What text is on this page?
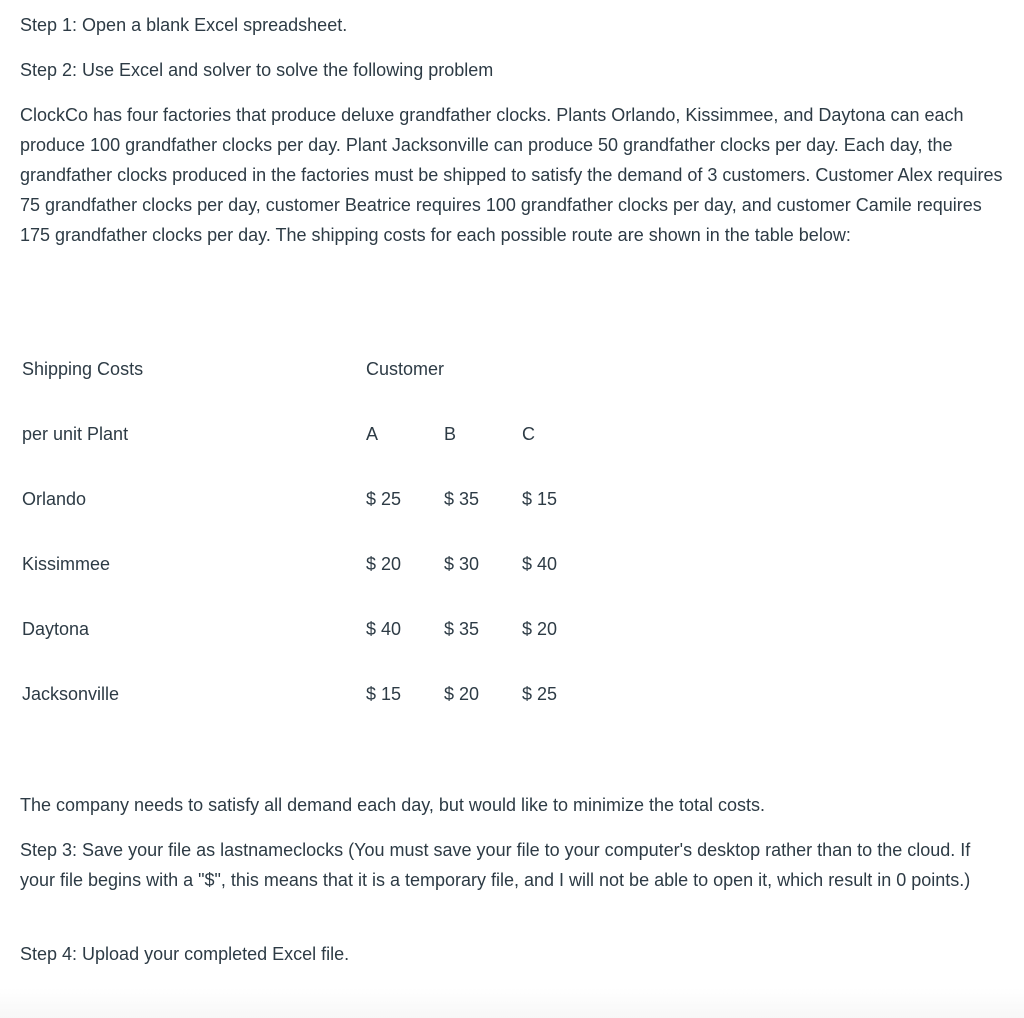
Step 1: Open a blank Excel spreadsheet.

Step 2: Use Excel and solver to solve the following problem

ClockCo has four factories that produce deluxe grandfather clocks. Plants Orlando, Kissimmee, and Daytona can each produce 100 grandfather clocks per day. Plant Jacksonville can produce 50 grandfather clocks per day. Each day, the grandfather clocks produced in the factories must be shipped to satisfy the demand of 3 customers. Customer Alex requires 75 grandfather clocks per day, customer Beatrice requires 100 grandfather clocks per day, and customer Camile requires 175 grandfather clocks per day. The shipping costs for each possible route are shown in the table below:

Shipping Costs	Customer		
per unit Plant	A	B	C
Orlando	$ 25	$ 35	$ 15
Kissimmee	$ 20	$ 30	$ 40
Daytona	$ 40	$ 35	$ 20
Jacksonville	$ 15	$ 20	$ 25

The company needs to satisfy all demand each day, but would like to minimize the total costs.

Step 3: Save your file as lastnameclocks (You must save your file to your computer's desktop rather than to the cloud. If your file begins with a "$", this means that it is a temporary file, and I will not be able to open it, which result in 0 points.)

Step 4: Upload your completed Excel file.
